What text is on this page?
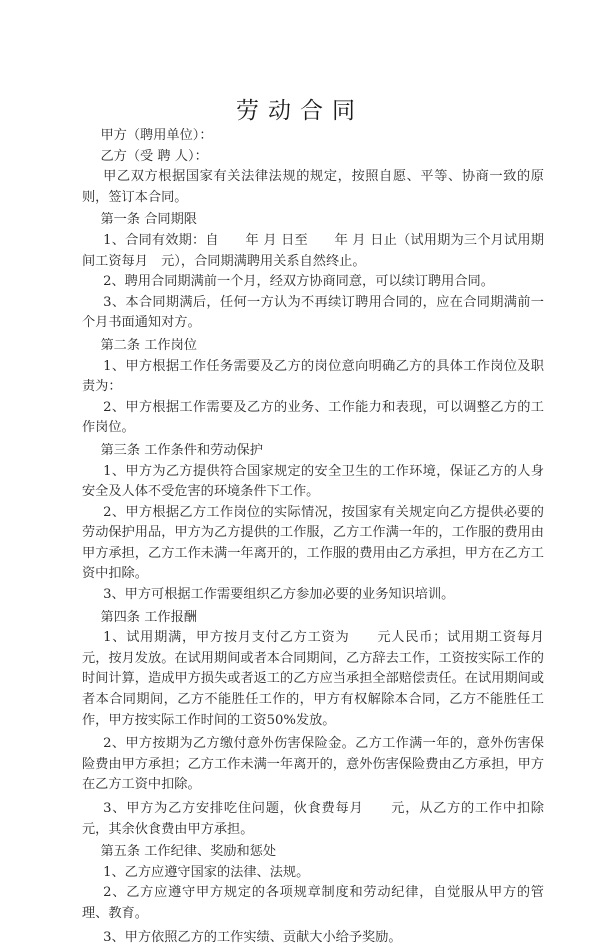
劳动合同

甲方（聘用单位）：

乙方（受 聘 人）：

甲乙双方根据国家有关法律法规的规定，按照自愿、平等、协商一致的原则，签订本合同。

第一条 合同期限

1、合同有效期：自　　年 月 日至　　年 月 日止（试用期为三个月试用期间工资每月　元），合同期满聘用关系自然终止。

2、聘用合同期满前一个月，经双方协商同意，可以续订聘用合同。

3、本合同期满后，任何一方认为不再续订聘用合同的，应在合同期满前一个月书面通知对方。

第二条 工作岗位

1、甲方根据工作任务需要及乙方的岗位意向明确乙方的具体工作岗位及职责为：

2、甲方根据工作需要及乙方的业务、工作能力和表现，可以调整乙方的工作岗位。

第三条 工作条件和劳动保护

1、甲方为乙方提供符合国家规定的安全卫生的工作环境，保证乙方的人身安全及人体不受危害的环境条件下工作。

2、甲方根据乙方工作岗位的实际情况，按国家有关规定向乙方提供必要的劳动保护用品，甲方为乙方提供的工作服，乙方工作满一年的，工作服的费用由甲方承担，乙方工作未满一年离开的，工作服的费用由乙方承担，甲方在乙方工资中扣除。

3、甲方可根据工作需要组织乙方参加必要的业务知识培训。

第四条 工作报酬

1、试用期满，甲方按月支付乙方工资为　　元人民币；试用期工资每月　　元，按月发放。在试用期间或者本合同期间，乙方辞去工作，工资按实际工作的时间计算，造成甲方损失或者返工的乙方应当承担全部赔偿责任。在试用期间或者本合同期间，乙方不能胜任工作的，甲方有权解除本合同，乙方不能胜任工作，甲方按实际工作时间的工资50%发放。

2、甲方按期为乙方缴付意外伤害保险金。乙方工作满一年的，意外伤害保险费由甲方承担；乙方工作未满一年离开的，意外伤害保险费由乙方承担，甲方在乙方工资中扣除。

3、甲方为乙方安排吃住问题，伙食费每月　　元，从乙方的工作中扣除　　元，其余伙食费由甲方承担。

第五条 工作纪律、奖励和惩处

1、乙方应遵守国家的法律、法规。

2、乙方应遵守甲方规定的各项规章制度和劳动纪律，自觉服从甲方的管理、教育。

3、甲方依照乙方的工作实绩、贡献大小给予奖励。
